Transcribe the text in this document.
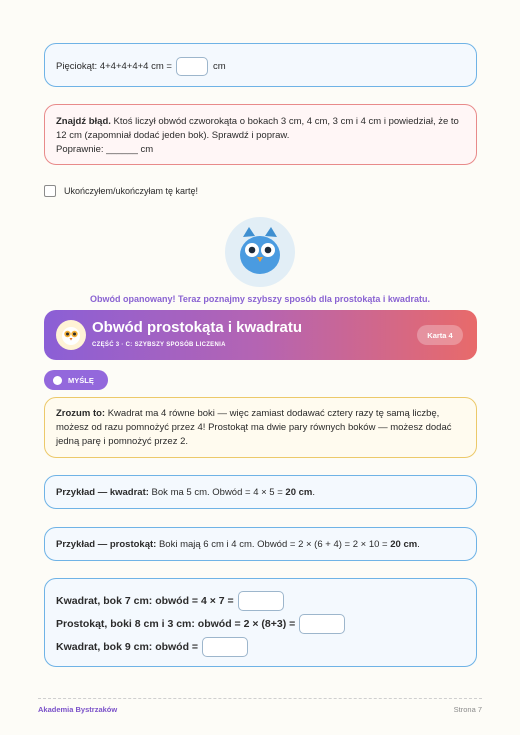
Pięciokąt: 4+4+4+4+4 cm =	cm
Znajdź błąd. Ktoś liczył obwód czworokąta o bokach 3 cm, 4 cm, 3 cm i 4 cm i powiedział, że to 12 cm (zapomniał dodać jeden bok). Sprawdź i popraw.
Poprawnie: ______ cm
Ukończyłem/ukończyłam tę kartę!
Obwód opanowany! Teraz poznajmy szybszy sposób dla prostokąta i kwadratu.
Obwód prostokąta i kwadratu
CZĘŚĆ 3 · C: SZYBSZY SPOSÓB LICZENIA
Karta 4
MYŚLĘ
Zrozum to: Kwadrat ma 4 równe boki — więc zamiast dodawać cztery razy tę samą liczbę, możesz od razu pomnożyć przez 4! Prostokąt ma dwie pary równych boków — możesz dodać jedną parę i pomnożyć przez 2.
Przykład — kwadrat: Bok ma 5 cm. Obwód = 4 × 5 = 20 cm.
Przykład — prostokąt: Boki mają 6 cm i 4 cm. Obwód = 2 × (6 + 4) = 2 × 10 = 20 cm.
Kwadrat, bok 7 cm: obwód = 4 × 7 =
Prostokąt, boki 8 cm i 3 cm: obwód = 2 × (8+3) =
Kwadrat, bok 9 cm: obwód =
Akademia Bystrzaków	Strona 7
